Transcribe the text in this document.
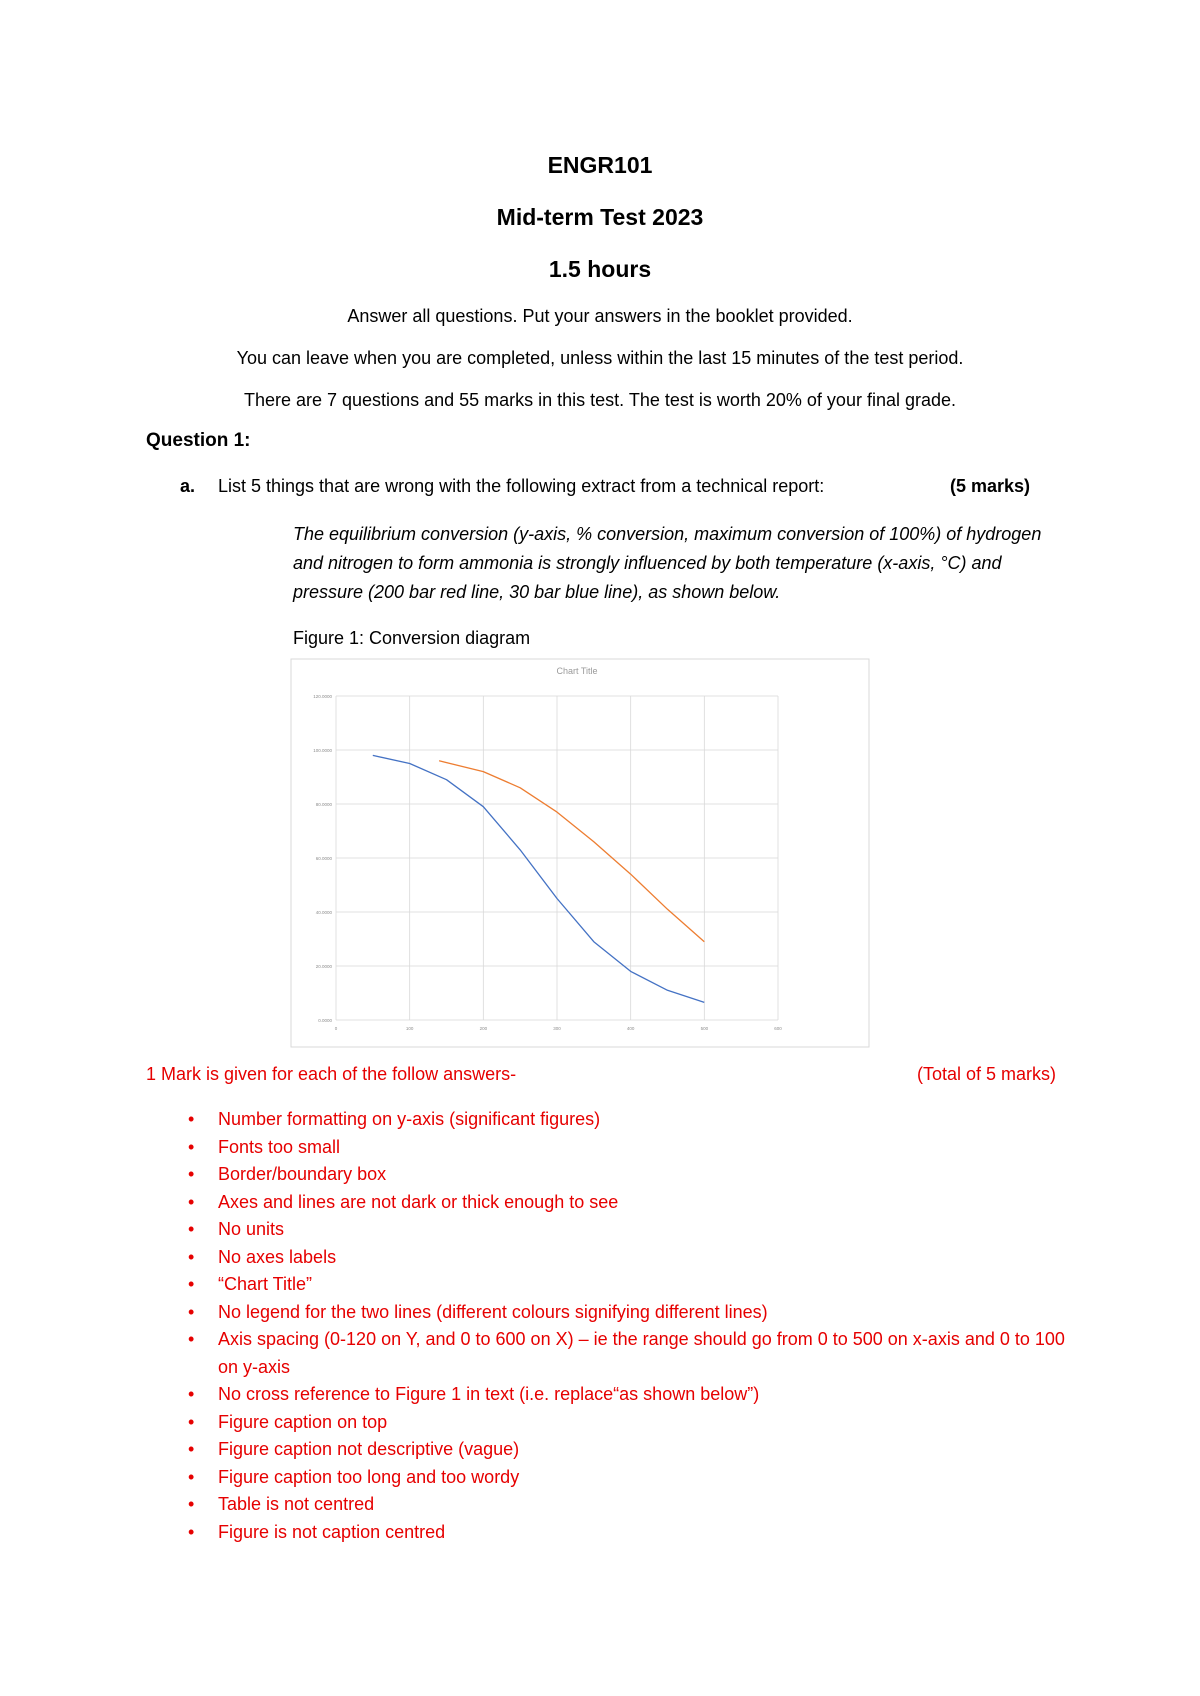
ENGR101
Mid-term Test 2023
1.5 hours
Answer all questions. Put your answers in the booklet provided.
You can leave when you are completed, unless within the last 15 minutes of the test period.
There are 7 questions and 55 marks in this test. The test is worth 20% of your final grade.
Question 1:
a. List 5 things that are wrong with the following extract from a technical report:	(5 marks)
The equilibrium conversion (y-axis, % conversion, maximum conversion of 100%) of hydrogen and nitrogen to form ammonia is strongly influenced by both temperature (x-axis, °C) and pressure (200 bar red line, 30 bar blue line), as shown below.
Figure 1: Conversion diagram
Chart Title
0.0000
20.0000
40.0000
60.0000
80.0000
100.0000
120.0000
0	100	200	300	400	500	600
1 Mark is given for each of the follow answers-	(Total of 5 marks)
• Number formatting on y-axis (significant figures)
• Fonts too small
• Border/boundary box
• Axes and lines are not dark or thick enough to see
• No units
• No axes labels
• “Chart Title”
• No legend for the two lines (different colours signifying different lines)
• Axis spacing (0-120 on Y, and 0 to 600 on X) – ie the range should go from 0 to 500 on x-axis and 0 to 100 on y-axis
• No cross reference to Figure 1 in text (i.e. replace“as shown below”)
• Figure caption on top
• Figure caption not descriptive (vague)
• Figure caption too long and too wordy
• Table is not centred
• Figure is not caption centred
